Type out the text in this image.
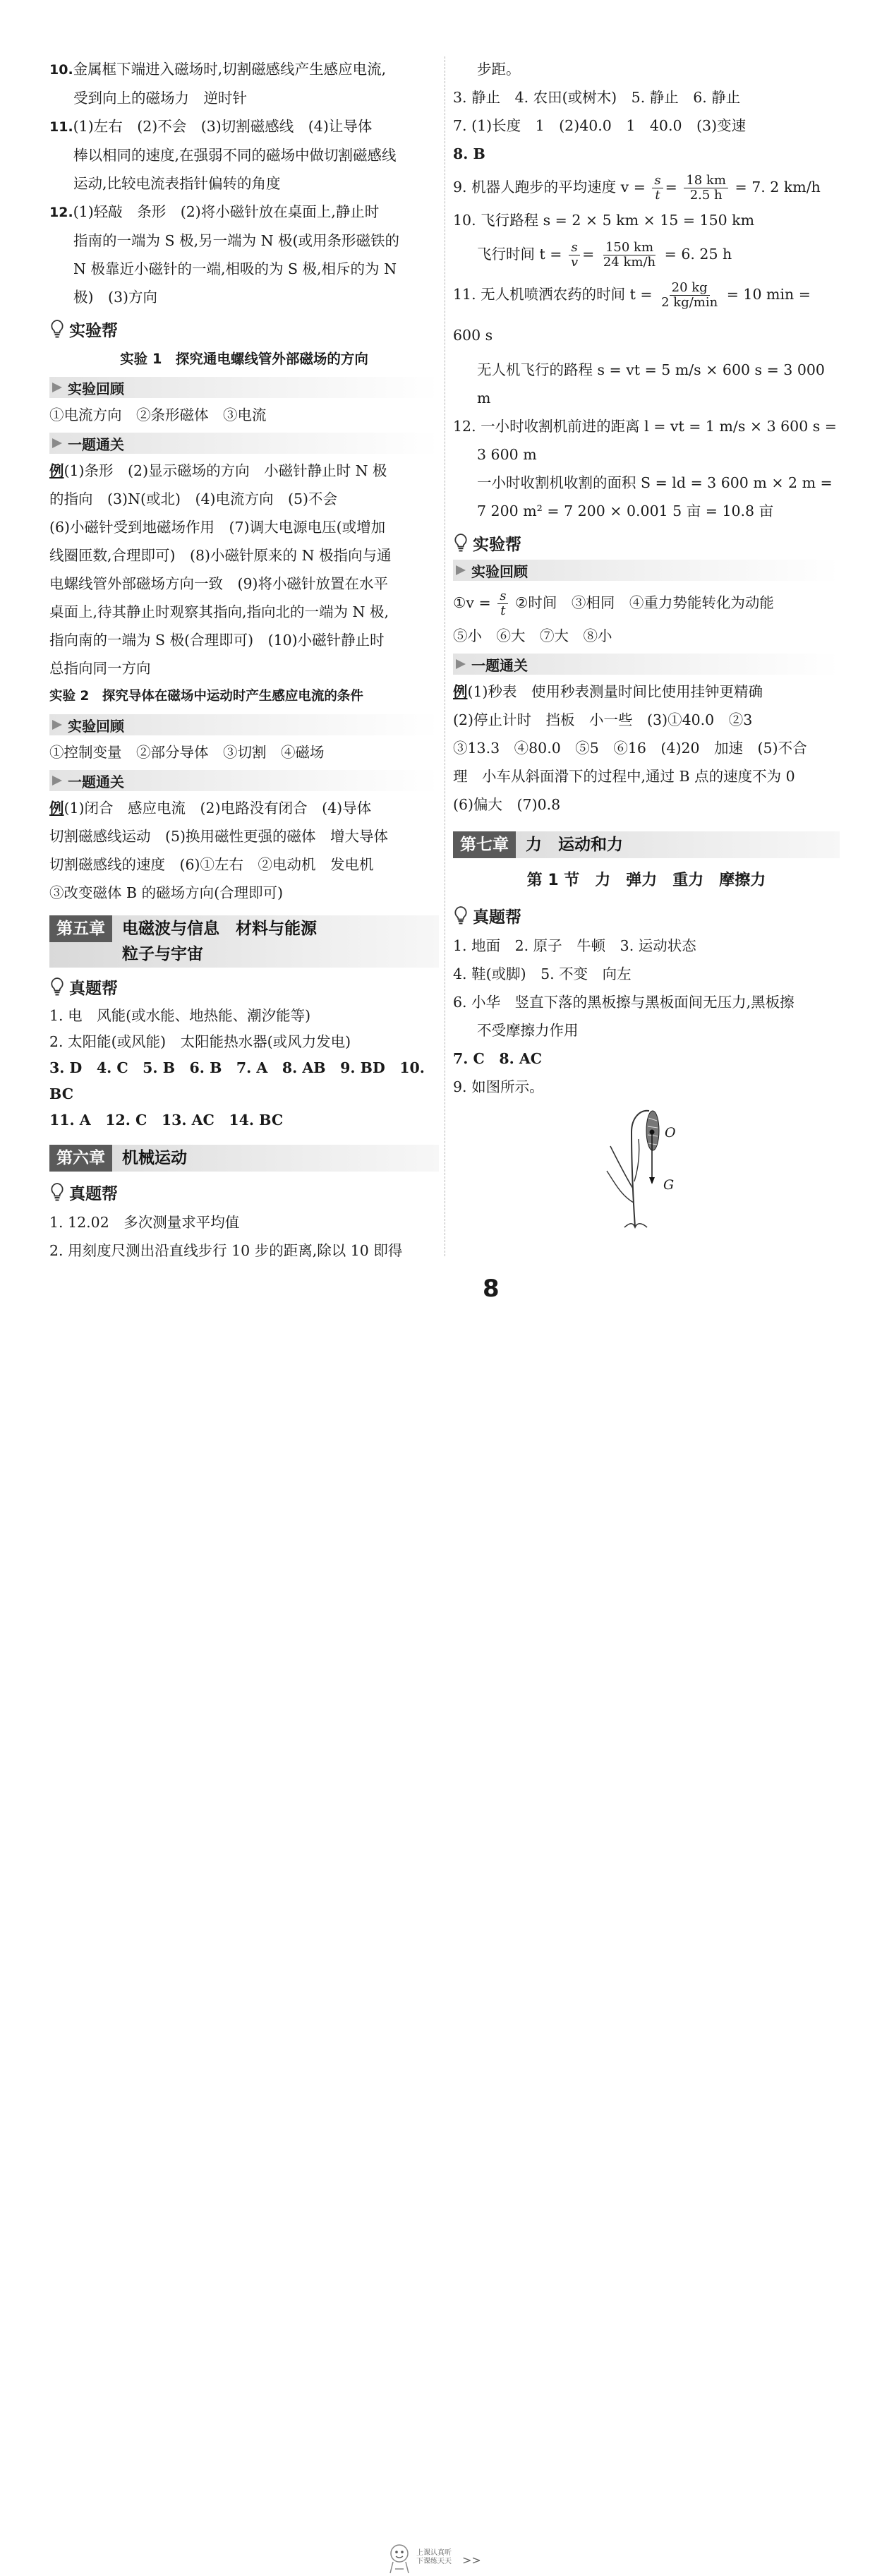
10.金属框下端进入磁场时,切割磁感线产生感应电流,

受到向上的磁场力　逆时针

11.(1)左右　(2)不会　(3)切割磁感线　(4)让导体

棒以相同的速度,在强弱不同的磁场中做切割磁感线

运动,比较电流表指针偏转的角度

12.(1)轻敲　条形　(2)将小磁针放在桌面上,静止时

指南的一端为 S 极,另一端为 N 极(或用条形磁铁的

N 极靠近小磁针的一端,相吸的为 S 极,相斥的为 N

极)　(3)方向

实验帮
实验 1　探究通电螺线管外部磁场的方向
实验回顾

①电流方向　②条形磁体　③电流

一题通关

例(1)条形　(2)显示磁场的方向　小磁针静止时 N 极

的指向　(3)N(或北)　(4)电流方向　(5)不会

(6)小磁针受到地磁场作用　(7)调大电源电压(或增加

线圈匝数,合理即可)　(8)小磁针原来的 N 极指向与通

电螺线管外部磁场方向一致　(9)将小磁针放置在水平

桌面上,待其静止时观察其指向,指向北的一端为 N 极,

指向南的一端为 S 极(合理即可)　(10)小磁针静止时

总指向同一方向

实验 2　探究导体在磁场中运动时产生感应电流的条件
实验回顾

①控制变量　②部分导体　③切割　④磁场

一题通关

例(1)闭合　感应电流　(2)电路没有闭合　(4)导体

切割磁感线运动　(5)换用磁性更强的磁体　增大导体

切割磁感线的速度　(6)①左右　②电动机　发电机

③改变磁体 B 的磁场方向(合理即可)

第五章	电磁波与信息　材料与能源
粒子与宇宙
真题帮

1. 电　风能(或水能、地热能、潮汐能等)

2. 太阳能(或风能)　太阳能热水器(或风力发电)

3. D　4. C　5. B　6. B　7. A　8. AB　9. BD　10. BC

11. A　12. C　13. AC　14. BC

第六章	机械运动
真题帮

1. 12.02　多次测量求平均值

2. 用刻度尺测出沿直线步行 10 步的距离,除以 10 即得

步距。

3. 静止　4. 农田(或树木)　5. 静止　6. 静止

7. (1)长度　1　(2)40.0　1　40.0　(3)变速

8. B

9. 机器人跑步的平均速度 $v = \frac{s}{t} = \frac{18 km}{2.5 h} = 7$. 2 km/h

10. 飞行路程 s = 2 × 5 km × 15 = 150 km

飞行时间 $t = \frac{s}{v} = \frac{150 km}{24 km/h} = 6$. 25 h

11. 无人机喷洒农药的时间 $t = \frac{20 kg}{2 kg/\min} = 10$ min = 600 s

无人机飞行的路程 s = vt = 5 m/s × 600 s = 3 000 m

12. 一小时收割机前进的距离 l = vt = 1 m/s × 3 600 s =

3 600 m

一小时收割机收割的面积 S = ld = 3 600 m × 2 m =

7 200 m² = 7 200 × 0.001 5 亩 = 10.8 亩

实验帮
实验回顾

①v = $\frac{s}{t}$ ②时间　③相同　④重力势能转化为动能

⑤小　⑥大　⑦大　⑧小

一题通关

例(1)秒表　使用秒表测量时间比使用挂钟更精确

(2)停止计时　挡板　小一些　(3)①40.0　②3

③13.3　④80.0　⑤5　⑥16　(4)20　加速　(5)不合

理　小车从斜面滑下的过程中,通过 B 点的速度不为 0

(6)偏大　(7)0.8

第七章	力　运动和力
第 1 节　力　弹力　重力　摩擦力
真题帮

1. 地面　2. 原子　牛顿　3. 运动状态

4. 鞋(或脚)　5. 不变　向左

6. 小华　竖直下落的黑板擦与黑板面间无压力,黑板擦

不受摩擦力作用

7. C　8. AC

9. 如图所示。

O
G
上课认真听
下课练天天 >>
8
